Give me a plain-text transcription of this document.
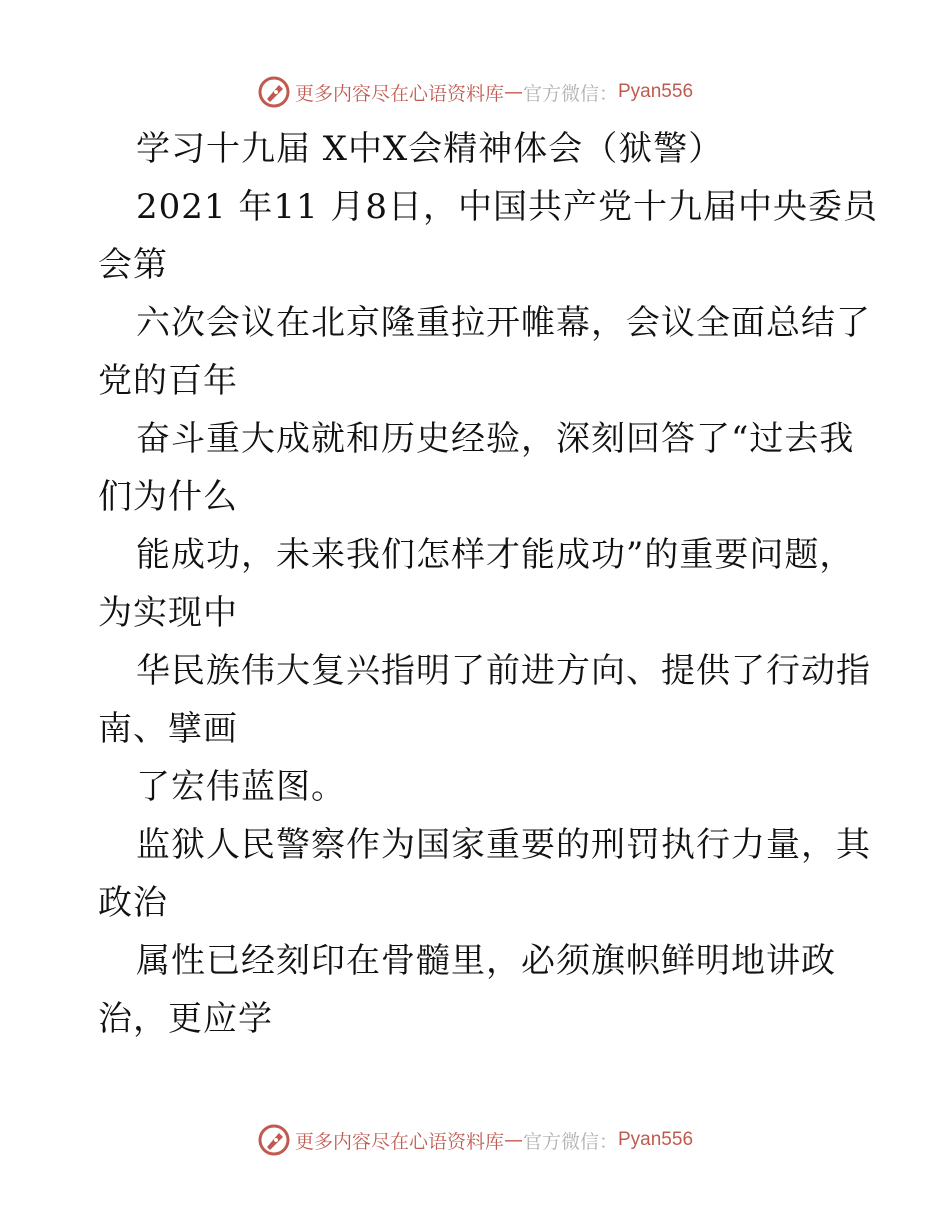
更多内容尽在心语资料库 — 官方微信： Pyan556
学习十九届 X中X会精神体会（狱警）
2021 年11 月8日，中国共产党十九届中央委员
会第
六次会议在北京隆重拉开帷幕，会议全面总结了
党的百年
奋斗重大成就和历史经验，深刻回答了“过去我
们为什么
能成功，未来我们怎样才能成功”的重要问题，
为实现中
华民族伟大复兴指明了前进方向、提供了行动指
南、擘画
了宏伟蓝图。
监狱人民警察作为国家重要的刑罚执行力量，其
政治
属性已经刻印在骨髓里，必须旗帜鲜明地讲政
治，更应学
更多内容尽在心语资料库 — 官方微信： Pyan556
